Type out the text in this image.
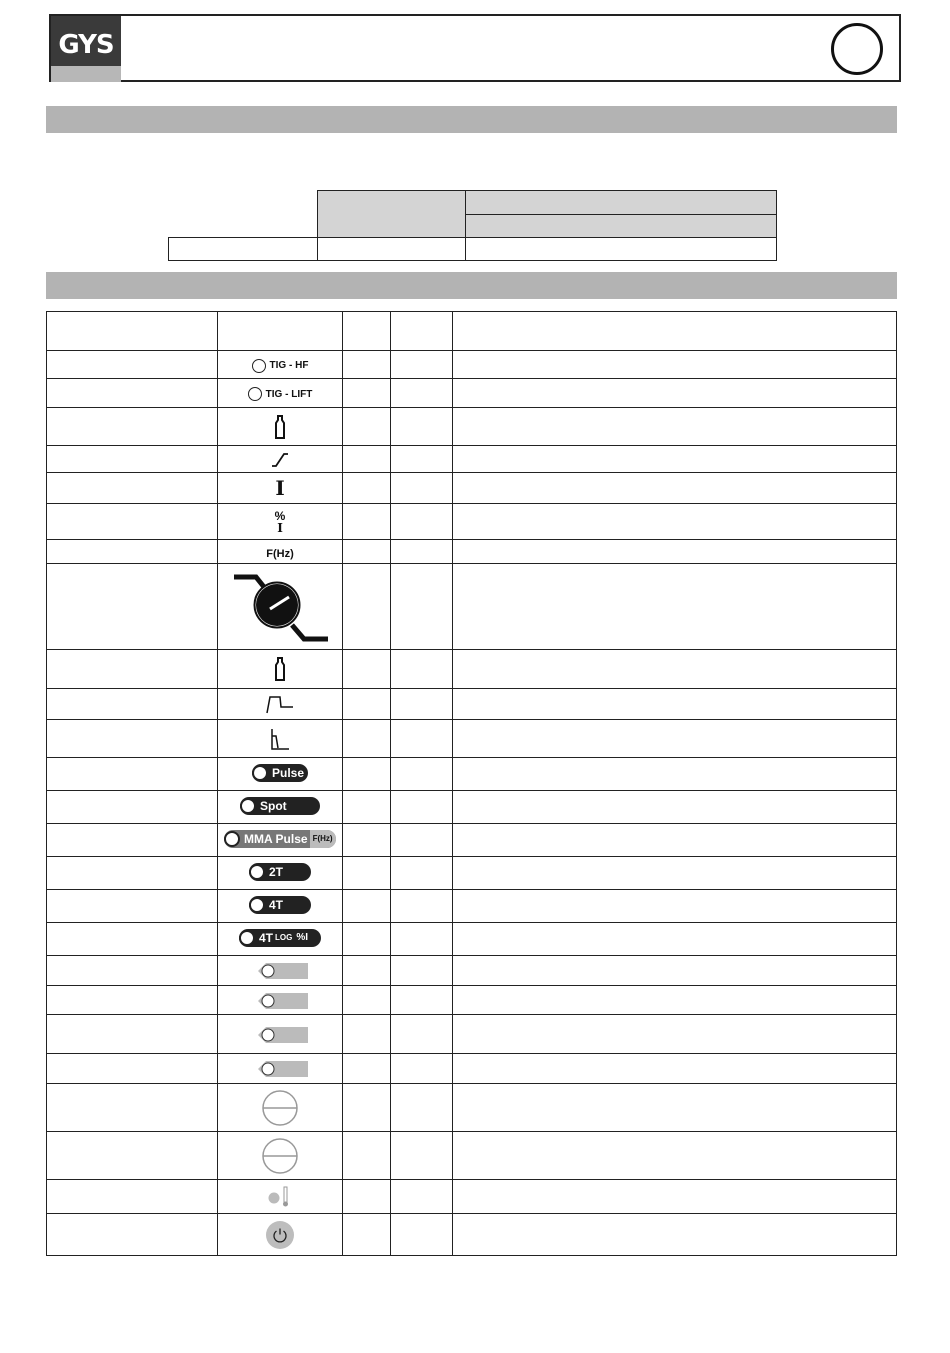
GYS

	TIG - HF			
	TIG - LIFT			

	I			

	%
I			

	F(Hz)			

	Pulse			

	Spot			

	MMA Pulse F(Hz)			

	2T			

	4T			

	4T LOG %I			
